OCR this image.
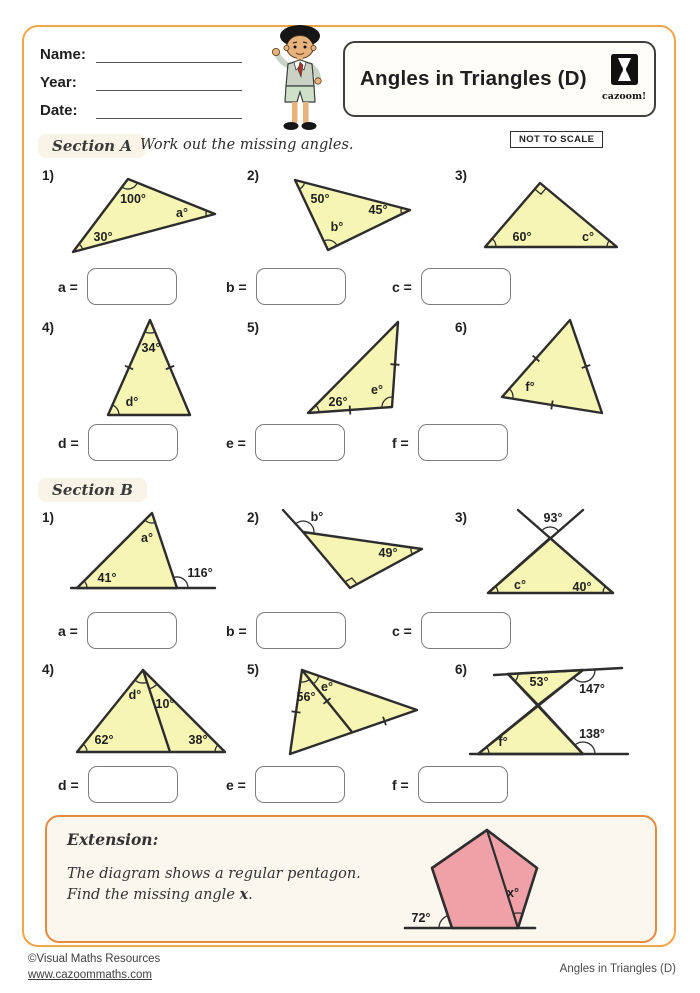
Name:
Year:
Date:
Angles in Triangles (D)
cazoom!
NOT TO SCALE
Section A Work out the missing angles.
1)	2)	3)
100°
a°
30°
50°
45°
b°
60°	c°
a =	b =	c =
4)	5)	6)
34°
d°	26°
e°	f°
d =	e =	f =
Section B
1)	2)	3)
a°
41°	116°
b°
49°
93°
c°	40°
a =	b =	c =
4)	5)	6)
d°
10°
62°	38°
56°
e°	53° 147°
f°
138°
d =	e =	f =
Extension:
The diagram shows a regular pentagon.
Find the missing angle x.
72°
x°
©Visual Maths Resources
www.cazoommaths.com	Angles in Triangles (D)
